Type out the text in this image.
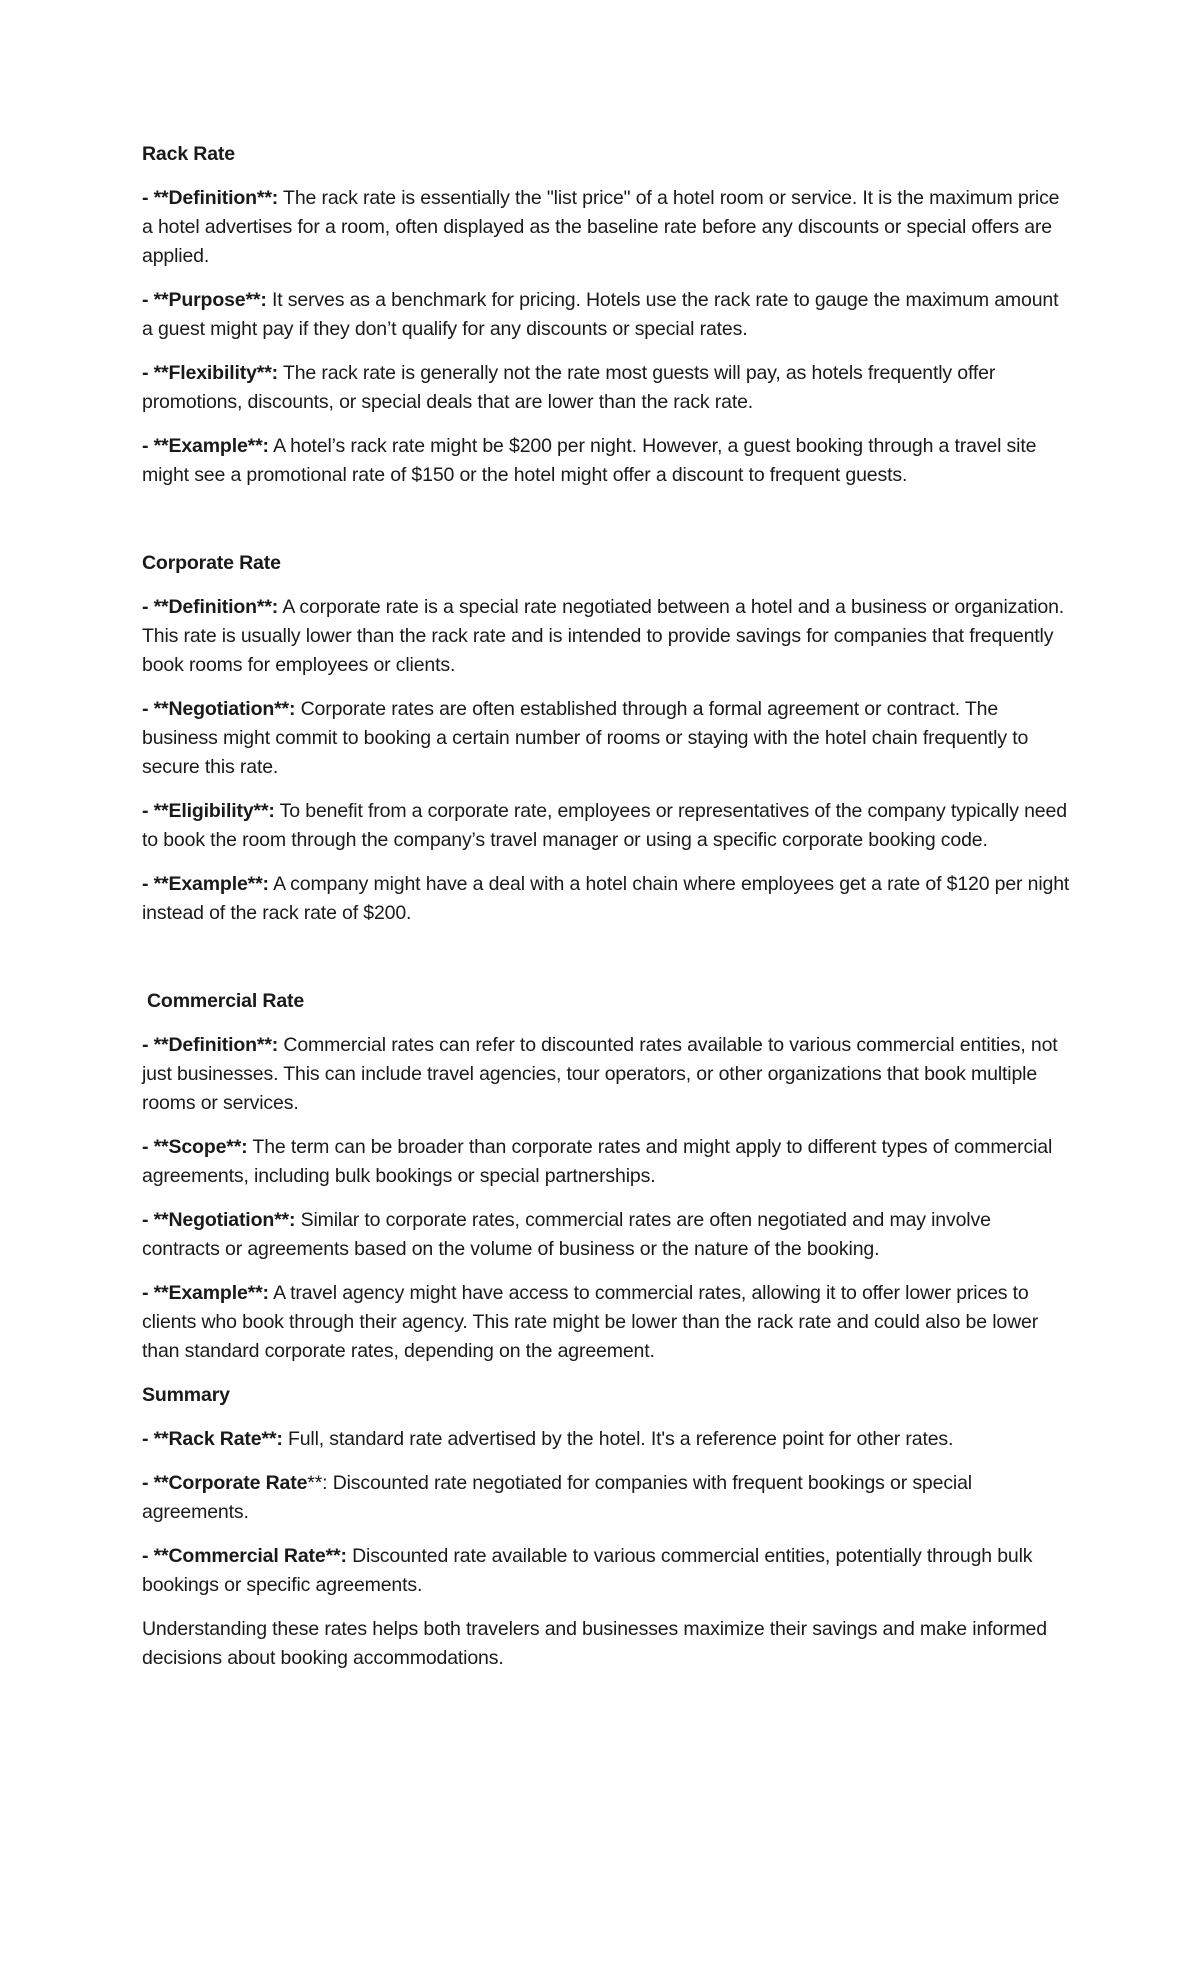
Rack Rate
- **Definition**: The rack rate is essentially the "list price" of a hotel room or service. It is the maximum price a hotel advertises for a room, often displayed as the baseline rate before any discounts or special offers are applied.
- **Purpose**: It serves as a benchmark for pricing. Hotels use the rack rate to gauge the maximum amount a guest might pay if they don’t qualify for any discounts or special rates.
- **Flexibility**: The rack rate is generally not the rate most guests will pay, as hotels frequently offer promotions, discounts, or special deals that are lower than the rack rate.
- **Example**: A hotel’s rack rate might be $200 per night. However, a guest booking through a travel site might see a promotional rate of $150 or the hotel might offer a discount to frequent guests.
Corporate Rate
- **Definition**: A corporate rate is a special rate negotiated between a hotel and a business or organization. This rate is usually lower than the rack rate and is intended to provide savings for companies that frequently book rooms for employees or clients.
- **Negotiation**: Corporate rates are often established through a formal agreement or contract. The business might commit to booking a certain number of rooms or staying with the hotel chain frequently to secure this rate.
- **Eligibility**: To benefit from a corporate rate, employees or representatives of the company typically need to book the room through the company’s travel manager or using a specific corporate booking code.
- **Example**: A company might have a deal with a hotel chain where employees get a rate of $120 per night instead of the rack rate of $200.
Commercial Rate
- **Definition**: Commercial rates can refer to discounted rates available to various commercial entities, not just businesses. This can include travel agencies, tour operators, or other organizations that book multiple rooms or services.
- **Scope**: The term can be broader than corporate rates and might apply to different types of commercial agreements, including bulk bookings or special partnerships.
- **Negotiation**: Similar to corporate rates, commercial rates are often negotiated and may involve contracts or agreements based on the volume of business or the nature of the booking.
- **Example**: A travel agency might have access to commercial rates, allowing it to offer lower prices to clients who book through their agency. This rate might be lower than the rack rate and could also be lower than standard corporate rates, depending on the agreement.
Summary
- **Rack Rate**: Full, standard rate advertised by the hotel. It's a reference point for other rates.
- **Corporate Rate**: Discounted rate negotiated for companies with frequent bookings or special agreements.
- **Commercial Rate**: Discounted rate available to various commercial entities, potentially through bulk bookings or specific agreements.
Understanding these rates helps both travelers and businesses maximize their savings and make informed decisions about booking accommodations.
